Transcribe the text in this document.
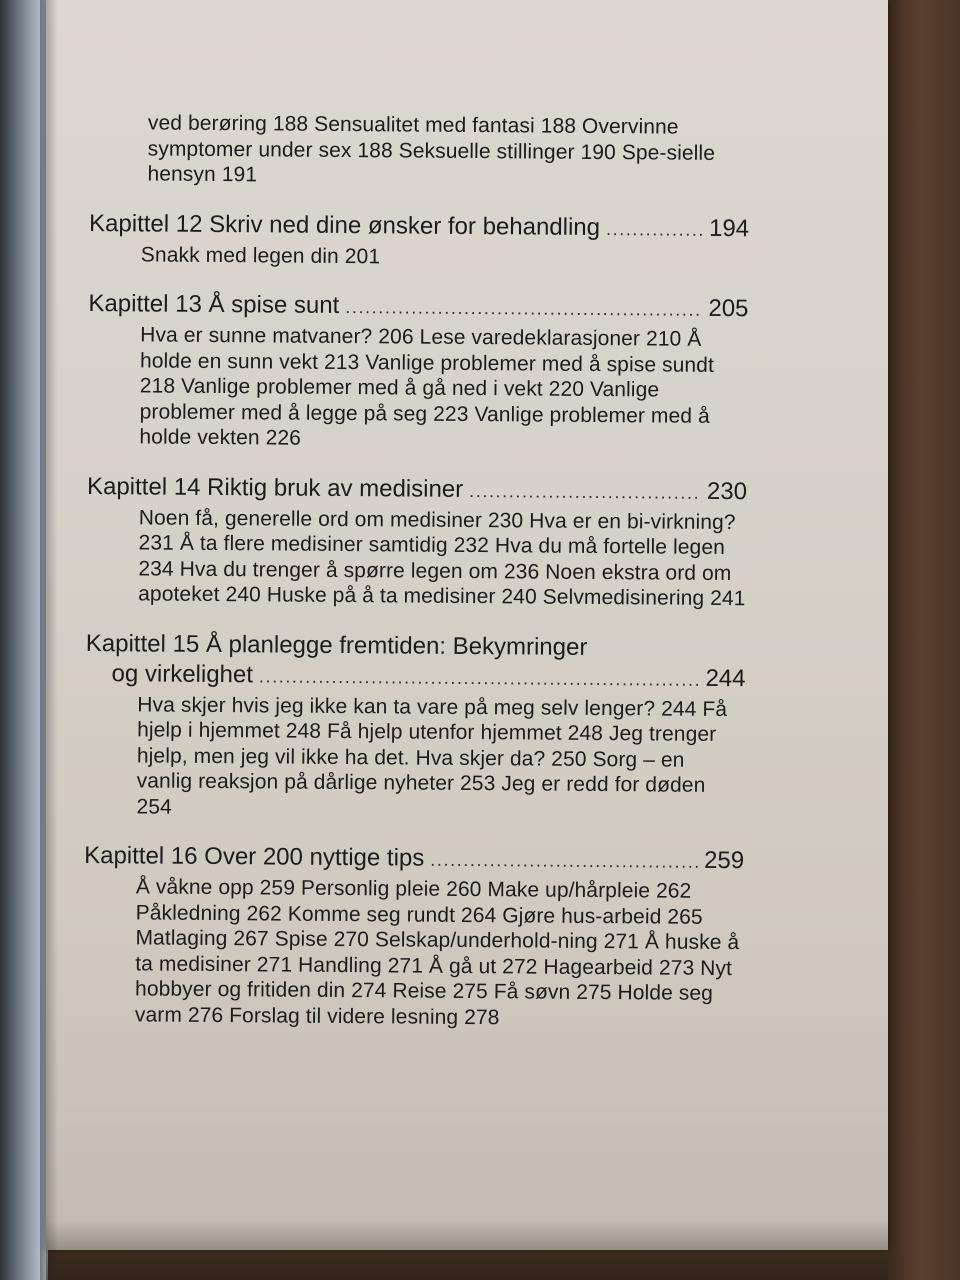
ved berøring 188 Sensualitet med fantasi 188 Overvinne symptomer under sex 188 Seksuelle stillinger 190 Spe-sielle hensyn 191

Kapittel 12 Skriv ned dine ønsker for behandling .....	194

Snakk med legen din 201

Kapittel 13 Å spise sunt .....	205

Hva er sunne matvaner? 206 Lese varedeklarasjoner 210 Å holde en sunn vekt 213 Vanlige problemer med å spise sundt 218 Vanlige problemer med å gå ned i vekt 220 Vanlige problemer med å legge på seg 223 Vanlige problemer med å holde vekten 226

Kapittel 14 Riktig bruk av medisiner .....	230

Noen få, generelle ord om medisiner 230 Hva er en bi-virkning? 231 Å ta flere medisiner samtidig 232 Hva du må fortelle legen 234 Hva du trenger å spørre legen om 236 Noen ekstra ord om apoteket 240 Huske på å ta medisiner 240 Selvmedisinering 241

Kapittel 15 Å planlegge fremtiden: Bekymringer

og virkelighet .....	244

Hva skjer hvis jeg ikke kan ta vare på meg selv lenger? 244 Få hjelp i hjemmet 248 Få hjelp utenfor hjemmet 248 Jeg trenger hjelp, men jeg vil ikke ha det. Hva skjer da? 250 Sorg – en vanlig reaksjon på dårlige nyheter 253 Jeg er redd for døden 254

Kapittel 16 Over 200 nyttige tips .....	259

Å våkne opp 259 Personlig pleie 260 Make up/hårpleie 262 Påkledning 262 Komme seg rundt 264 Gjøre hus-arbeid 265 Matlaging 267 Spise 270 Selskap/underhold-ning 271 Å huske å ta medisiner 271 Handling 271 Å gå ut 272 Hagearbeid 273 Nyt hobbyer og fritiden din 274 Reise 275 Få søvn 275 Holde seg varm 276 Forslag til videre lesning 278
